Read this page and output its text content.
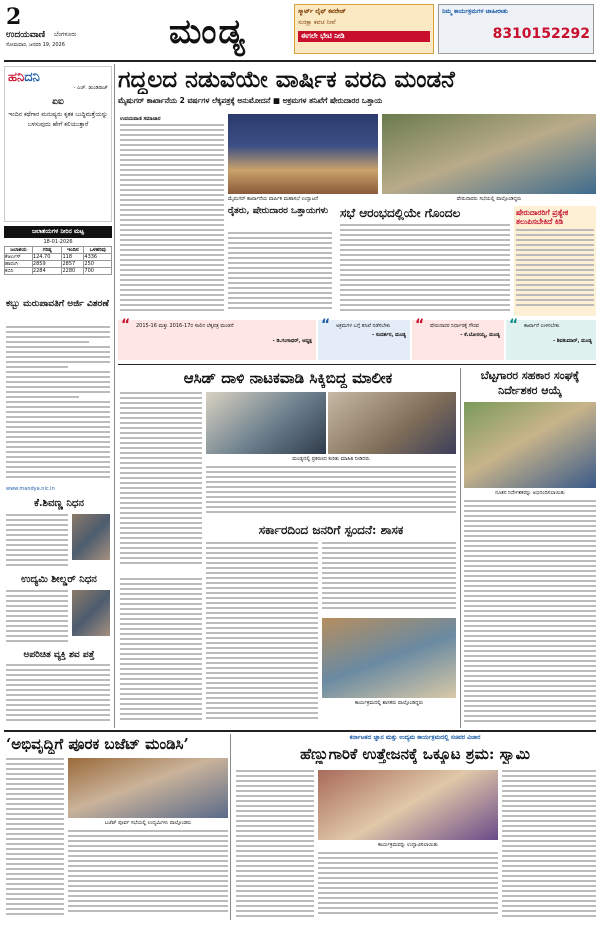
2
ಉದಯವಾಣಿ ಬೆಂಗಳೂರು
ಸೋಮವಾರ, ಜನವರಿ 19, 2026	ಮಂಡ್ಯ
ಸ್ಮಾರ್ಟ್ ಲೈಫ್ ಕವರೇಜ್
ಸುರಕ್ಷಾ ಕವಚ ನೀವೆ
ಈಗಲೇ ಭೇಟಿ ನೀಡಿ
ನಿಮ್ಮ ಕಾರ್ಯಕ್ರಮಗಳ ಜಾಹೀರಾತು
8310152292
ಹನಿದನಿ
- ಎಚ್. ಡುಂಡಿರಾಜ್
ಏಐ
ಇಂದಿನ ಕಥೆಗಾರ ಮನುಷ್ಯರು ಕೃತಕ ಬುದ್ಧಿಮತ್ತೆಯನ್ನು ಬಳಸುವುದು ಹೇಗೆ ಕಲಿಯುತ್ತಾರೆ
ಜಲಾಶಯಗಳ ನೀರಿನ ಮಟ್ಟ
18-01-2026
ಜಲಾಶಯ	ಗರಿಷ್ಠ	ಇಂದಿನ	ಒಳಹರಿವು
ಕೆಆರ್ಎಸ್	124.70	118	4336
ಹಾರಂಗಿ	2859	2857	250
ಕಬಿನಿ	2284	2280	700
ಕಬ್ಬು ಮರುಪಾವತಿಗೆ ಅರ್ಜಿ ವಿತರಣೆ
www.mandya.nic.in
ಕೆ.ಶಿವಣ್ಣ ನಿಧನ
ಉದ್ಯಮಿ ಶೀಲ್ಡರ್ ನಿಧನ
ಅಪರಿಚಿತ ವ್ಯಕ್ತಿ ಶವ ಪತ್ತೆ
ಗದ್ದಲದ ನಡುವೆಯೇ ವಾರ್ಷಿಕ ವರದಿ ಮಂಡನೆ
ಮೈಷುಗರ್ ಕಾರ್ಖಾನೆಯ 2 ವರ್ಷಗಳ ಲೆಕ್ಕಪತ್ರಕ್ಕೆ ಅನುಮೋದನೆ ■ ಅಕ್ರಮಗಳ ತನಿಖೆಗೆ ಷೇರುದಾರರ ಒತ್ತಾಯ
ಉದಯವಾಣಿ ಸಮಾಚಾರ
ಮೈಷುಗರ್ ಕಾರ್ಖಾನೆಯ ವಾರ್ಷಿಕ ಮಹಾಸಭೆ ಉದ್ಘಾಟನೆ	ಷೇರುದಾರರು ಸಭೆಯಲ್ಲಿ ಪಾಲ್ಗೊಂಡಿದ್ದರು
ರೈತರು, ಷೇರುದಾರರ ಒತ್ತಾಯಗಳು ಸಭೆ ಆರಂಭದಲ್ಲಿಯೇ ಗೊಂದಲ	ಷೇರುದಾರರಿಗೆ ಪ್ರತ್ಯೇಕ ತಲುಪಿಸಬೇಕಿದೆ ಕಿಡಿ
“ 2015-16 ಮತ್ತು 2016-17ರ ಸಾಲಿನ ಲೆಕ್ಕಪತ್ರ ಮಂಡನೆ
- ಡಿ.ಗಂಗಾಧರ್, ಅಧ್ಯಕ್ಷ
“ ಅಕ್ರಮಗಳ ಬಗ್ಗೆ ತನಿಖೆ ನಡೆಸಬೇಕು
- ಸುದರ್ಶನ, ಮಂಡ್ಯ
“ ಷೇರುದಾರರ ನಿರ್ಧಾರಕ್ಕೆ ಗೌರವ
- ಕೆ.ಬೋರಯ್ಯ, ಮಂಡ್ಯ
“ ಕಾರ್ಖಾನೆ ಉಳಿಸಬೇಕು
- ಶಿವಕುಮಾರ್, ಮಂಡ್ಯ
ಆಸಿಡ್ ದಾಳಿ ನಾಟಕವಾಡಿ ಸಿಕ್ಕಿಬಿದ್ದ ಮಾಲೀಕ
ಮಂಡ್ಯದಲ್ಲಿ ಪ್ರಕರಣದ ಕುರಿತು ಮಾಹಿತಿ ನೀಡಿದರು
ಸರ್ಕಾರದಿಂದ ಜನರಿಗೆ ಸ್ಪಂದನೆ: ಶಾಸಕ
ಕಾರ್ಯಕ್ರಮದಲ್ಲಿ ಶಾಸಕರು ಪಾಲ್ಗೊಂಡಿದ್ದರು
ಬೆಟ್ಟಗಾರರ ಸಹಕಾರ ಸಂಘಕ್ಕೆ ನಿರ್ದೇಶಕರ ಆಯ್ಕೆ
ನೂತನ ನಿರ್ದೇಶಕರನ್ನು ಅಭಿನಂದಿಸಲಾಯಿತು
‘ಅಭಿವೃದ್ಧಿಗೆ ಪೂರಕ ಬಜೆಟ್ ಮಂಡಿಸಿ’
ಬಜೆಟ್ ಪೂರ್ವ ಸಭೆಯಲ್ಲಿ ಉದ್ಯಮಿಗಳು ಪಾಲ್ಗೊಂಡರು
ಕರ್ನಾಟಕದ ಜ್ಞಾನ ಮತ್ತು ಉದ್ಯಮ ಕಾರ್ಯಕ್ರಮದಲ್ಲಿ ಸಚಿವರ ವಿಚಾರ
ಹೆಣ್ಣುಗಾರಿಕೆ ಉತ್ತೇಜನಕ್ಕೆ ಒಕ್ಕೂಟ ಶ್ರಮ: ಸ್ವಾಮಿ
ಕಾರ್ಯಕ್ರಮವನ್ನು ಉದ್ಘಾಟಿಸಲಾಯಿತು
